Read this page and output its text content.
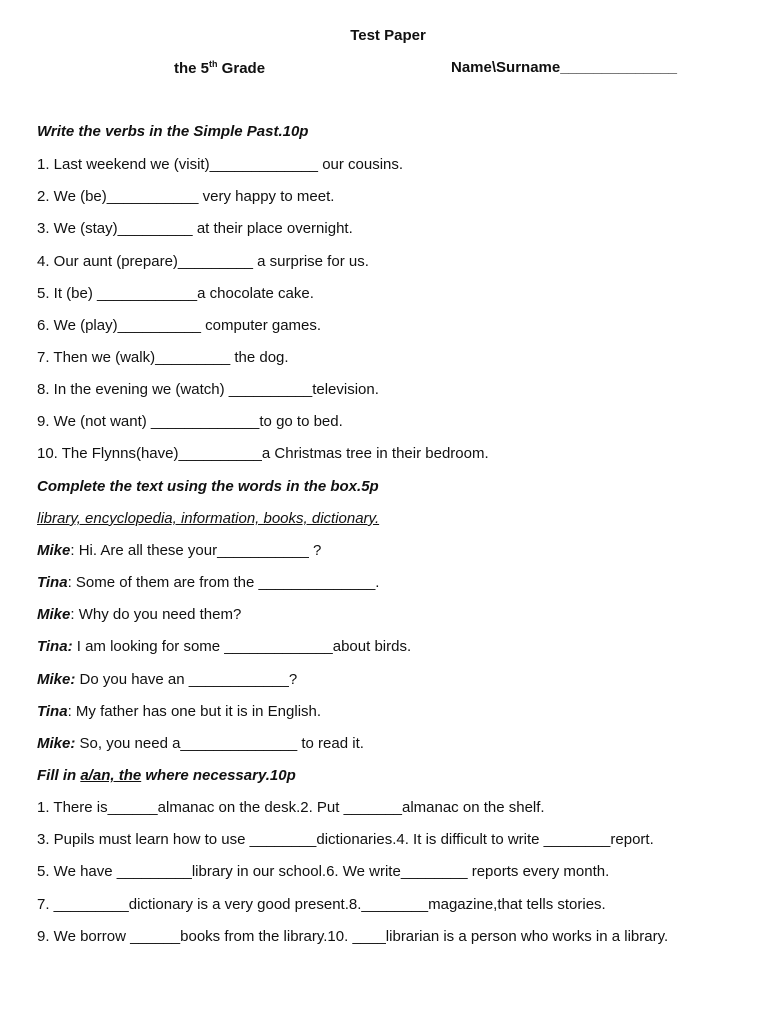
Test Paper
the 5th Grade	Name\Surname______________
Write the verbs in the Simple Past.10p
1. Last weekend we (visit)_____________ our cousins.
2. We (be)___________ very happy to meet.
3. We (stay)_________ at their place overnight.
4. Our aunt (prepare)_________ a surprise for us.
5. It (be) ____________a chocolate cake.
6. We (play)__________ computer games.
7. Then we (walk)_________ the dog.
8. In the evening we (watch) __________television.
9. We (not want) _____________to go to bed.
10. The Flynns(have)__________a Christmas tree in their bedroom.
Complete the text using the words in the box.5p
library, encyclopedia, information, books, dictionary.
Mike: Hi. Are all these your___________ ?
Tina: Some of them are from the ______________.
Mike: Why do you need them?
Tina: I am looking for some _____________about birds.
Mike: Do you have an ____________?
Tina: My father has one but it is in English.
Mike: So, you need a______________ to read it.
Fill in a/an, the where necessary.10p
1. There is______almanac on the desk.2. Put _______almanac on the shelf.
3. Pupils must learn how to use ________dictionaries.4. It is difficult to write ________report.
5. We have _________library in our school.6. We write________ reports every month.
7. _________dictionary is a very good present.8.________magazine,that tells stories.
9. We borrow ______books from the library.10. ____librarian is a person who works in a library.
